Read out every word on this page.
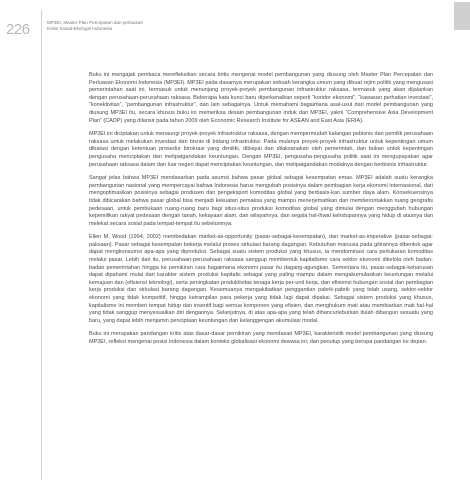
226	MP3EI, Master Plan Percepatan dan perluasan
Krisis Sosial-Ekologis Indonesia

Buku ini mengajak pembaca merefleksikan secara kritis mengenai model pembangunan yang diusung oleh Master Plan Percepatan dan Perluasan Ekonomi Indonesia (MP3EI). MP3EI pada dasarnya merupakan sebuah kerangka umum yang dibuat rejim politik yang mengusasi pemerintahan saat ini, termasuk untuk menunjang proyek-proyek pembangunan infrastruktur raksasa, termasuk yang akan dijalankan dengan perusahaan-perusahaan raksasa. Beberapa kata kunci baru diperkenalkan seperti “koridor ekonomi”, “kawasan perhatian investasi”, “konektivitas”, “pembangunan infrastruktur”, dan lain sebagainya. Untuk memahami bagaimana asal-usul dari model pembangunan yang diusung MP3EI itu, secara khusus buku ini memeriksa desain pembangunan induk dari MP3EI, yakni “Comprehensive Asia Development Plan” (CADP) yang dilansir pada tahun 2009 oleh Economic Research Institute for ASEAN and East Asia (ERIA).

MP3EI ini diciptakan untuk menaungi proyek-proyek infrastruktur raksasa, dengan mempermudah kalangan pebisnis dan pemilik perusahaan raksasa untuk melakukan investasi dan bisnis di bidang infrastruktur. Pada mulanya proyek-proyek infrastruktur untuk kepentingan umum dibatasi dengan ketentuan prosedur birokrasi yang dimiliki, dibiayai dan dilaksanakan oleh pemerintah, dan bukan untuk kepentingan pengusaha menciptakan dan melipatgandakan keuntungan. Dengan MP3EI, pengusaha-pengusaha politik saat ini mengupayakan agar perusahaan raksasa dalam dan luar negeri dapat menciptakan keuntungan, dan melipatgandakan modalnya dengan berbisnis infrastruktur.

Sangat jelas bahwa MP3EI mendasarkan pada asumsi bahwa pasar global sebagai kesempatan emas. MP3EI adalah suatu kerangka pembangunan nasional yang mempercayai bahwa Indonesia harus mengubah posisinya dalam pembagian kerja ekonomi internasional, dari mengoptimasikan posisinya sebagai produsen dan pengeksport komoditas global yang berbasis-kan sumber daya alam. Konsekuensinya tidak dibicarakan bahwa pasar global bisa menjadi kekuatan pemaksa yang mampu menerjemahkan dan memberontakkan ruang geografis pedesaan, untuk pembukaan ruang-ruang baru bagi situs-situs produksi komoditas global yang dimulai dengan menggubah hubungan kepemilikan rakyat pedesaan dengan tanah, kekayaan alam, dan wilayahnya, dan segala hal-ihwal kehidupannya yang hidup di atasnya dan melekat secara sosial pada tempat-tempat itu sebelumnya.

Ellen M. Wood (1994, 2002) membedakan market-as-opportunity (pasar-sebagai-kesempatan), dan market-as-imperative (pasar-sebagai-paksaan). Pasar sebagai kesempatan bekerja melalui proses sirkulasi barang dagangan. Kebutuhan manusia pada gilirannya dibentuk agar dapat mengkonsumsi apa-apa yang diproduksi. Sebagai suatu sistem produksi yang khusus, ia mendominasi cara pertukaran komoditas melalui pasar. Lebih dari itu, perusahaan-perusahaan raksasa sanggup membentuk kapitalisme cara sektor ekonomi dikelola oleh badan-badan pemerintahan hingga ke pemikiran cara bagaimana ekonomi pasar itu dagang-agungkan. Sementara itu, pasar-sebagai-keharusan dapat dipahami mulai dari karakter sistem produksi kapitalis sebagai yang paling mampu dalam mengakumulasikan keuntungan melalui kemajuan dan (efisiensi teknologi), serta peningkatan produktivitas tenaga kerja per-unit kerja, dan efisiensi hubungan sosial dan pembagian kerja produksi dan sirkulasi barang dagangan. Kesemuanya mengakibatkan penggantian pabrik-pabrik yang telah usang, sektor-sektor ekonomi yang tidak kompetitif, hingga ketrampilan para pekerja yang tidak lagi dapat dipakai. Sebagai sistem produksi yang khusus, kapitalisme ini memberi tempat hidup dan insentif bagi semua komponen yang efisien, dan menghukum mati atau membiarkan mati hal-hal yang tidak sanggup menyesuaikan diri dengannya. Selanjutnya, di atas apa-apa yang telah dihancurleburkan itulah dibangun sesuatu yang baru, yang dapat lebih menjamin penciptaan keuntungan dan kelanggengan akumulasi modal.

Buku ini merupakan pandangan kritis atas dasar-dasar pemikiran yang mendasari MP3EI, karakteristik model pembangunan yang diusung MP3EI, refleksi mengenai posisi Indonesia dalam konteks globalisasi ekonomi dewasa ini; dan penutup yang berupa pandangan ke depan.
